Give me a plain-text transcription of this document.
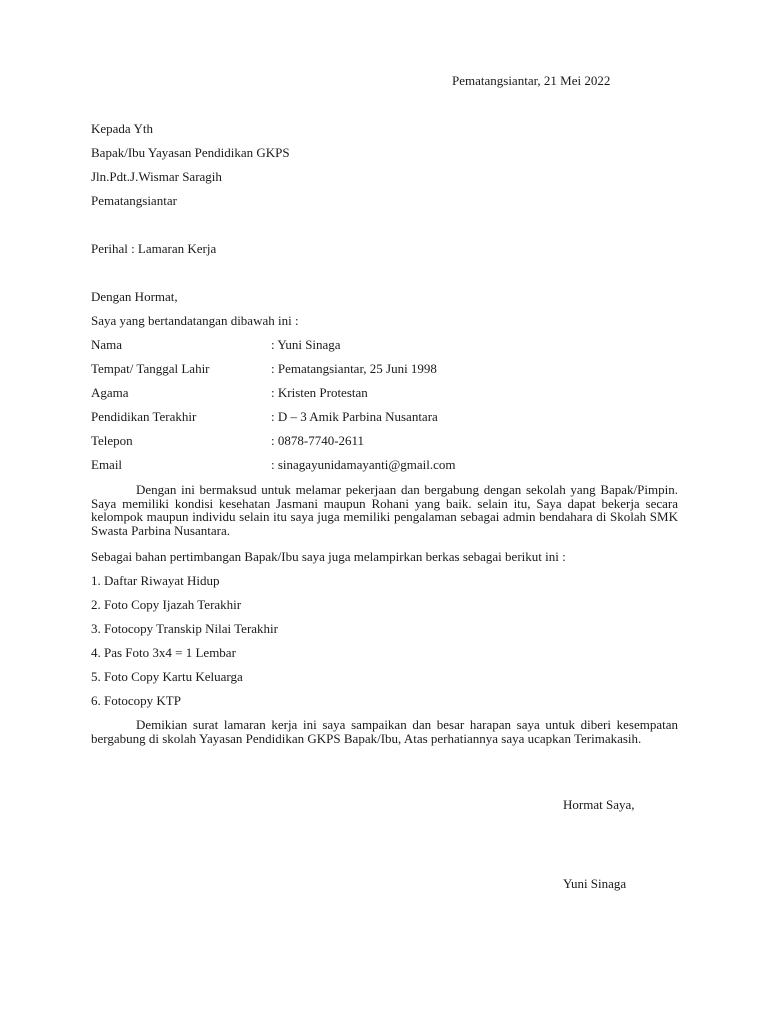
Pematangsiantar, 21 Mei 2022
Kepada Yth
Bapak/Ibu Yayasan Pendidikan GKPS
Jln.Pdt.J.Wismar Saragih
Pematangsiantar
Perihal : Lamaran Kerja
Dengan Hormat,
Saya yang bertandatangan dibawah ini :
Nama	: Yuni Sinaga
Tempat/ Tanggal Lahir	: Pematangsiantar, 25 Juni 1998
Agama	: Kristen Protestan
Pendidikan Terakhir	: D – 3 Amik Parbina Nusantara
Telepon	: 0878-7740-2611
Email	: sinagayunidamayanti@gmail.com
Dengan ini bermaksud untuk melamar pekerjaan dan bergabung dengan sekolah yang Bapak/Pimpin. Saya memiliki kondisi kesehatan Jasmani maupun Rohani yang baik. selain itu, Saya dapat bekerja secara kelompok maupun individu selain itu saya juga memiliki pengalaman sebagai admin bendahara di Skolah SMK Swasta Parbina Nusantara.
Sebagai bahan pertimbangan Bapak/Ibu saya juga melampirkan berkas sebagai berikut ini :
1. Daftar Riwayat Hidup
2. Foto Copy Ijazah Terakhir
3. Fotocopy Transkip Nilai Terakhir
4. Pas Foto 3x4 = 1 Lembar
5. Foto Copy Kartu Keluarga
6. Fotocopy KTP
Demikian surat lamaran kerja ini saya sampaikan dan besar harapan saya untuk diberi kesempatan bergabung di skolah Yayasan Pendidikan GKPS Bapak/Ibu, Atas perhatiannya saya ucapkan Terimakasih.
Hormat Saya,
Yuni Sinaga
